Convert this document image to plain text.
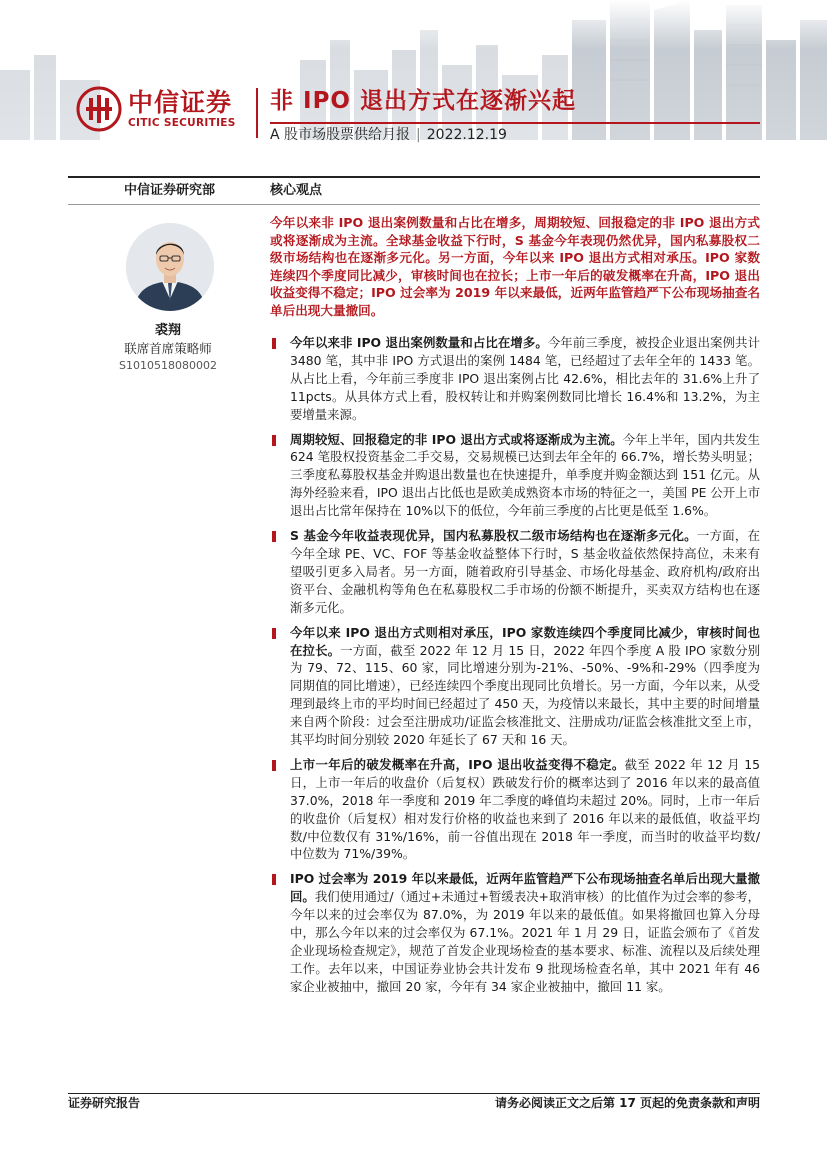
中信证券
CITIC SECURITIES
非 IPO 退出方式在逐渐兴起
A 股市场股票供给月报 | 2022.12.19
中信证券研究部	核心观点
裘翔
联席首席策略师
S1010518080002
今年以来非 IPO 退出案例数量和占比在增多，周期较短、回报稳定的非 IPO 退出方式或将逐渐成为主流。全球基金收益下行时，S 基金今年表现仍然优异，国内私募股权二级市场结构也在逐渐多元化。另一方面，今年以来 IPO 退出方式相对承压。IPO 家数连续四个季度同比减少，审核时间也在拉长；上市一年后的破发概率在升高，IPO 退出收益变得不稳定；IPO 过会率为 2019 年以来最低，近两年监管趋严下公布现场抽查名单后出现大量撤回。
今年以来非 IPO 退出案例数量和占比在增多。今年前三季度，被投企业退出案例共计 3480 笔，其中非 IPO 方式退出的案例 1484 笔，已经超过了去年全年的 1433 笔。从占比上看，今年前三季度非 IPO 退出案例占比 42.6%，相比去年的 31.6%上升了 11pcts。从具体方式上看，股权转让和并购案例数同比增长 16.4%和 13.2%，为主要增量来源。
周期较短、回报稳定的非 IPO 退出方式或将逐渐成为主流。今年上半年，国内共发生 624 笔股权投资基金二手交易，交易规模已达到去年全年的 66.7%，增长势头明显；三季度私募股权基金并购退出数量也在快速提升，单季度并购金额达到 151 亿元。从海外经验来看，IPO 退出占比低也是欧美成熟资本市场的特征之一，美国 PE 公开上市退出占比常年保持在 10%以下的低位，今年前三季度的占比更是低至 1.6%。
S 基金今年收益表现优异，国内私募股权二级市场结构也在逐渐多元化。一方面，在今年全球 PE、VC、FOF 等基金收益整体下行时，S 基金收益依然保持高位，未来有望吸引更多入局者。另一方面，随着政府引导基金、市场化母基金、政府机构/政府出资平台、金融机构等角色在私募股权二手市场的份额不断提升，买卖双方结构也在逐渐多元化。
今年以来 IPO 退出方式则相对承压，IPO 家数连续四个季度同比减少，审核时间也在拉长。一方面，截至 2022 年 12 月 15 日，2022 年四个季度 A 股 IPO 家数分别为 79、72、115、60 家，同比增速分别为-21%、-50%、-9%和-29%（四季度为同期值的同比增速），已经连续四个季度出现同比负增长。另一方面，今年以来，从受理到最终上市的平均时间已经超过了 450 天，为疫情以来最长，其中主要的时间增量来自两个阶段：过会至注册成功/证监会核准批文、注册成功/证监会核准批文至上市，其平均时间分别较 2020 年延长了 67 天和 16 天。
上市一年后的破发概率在升高，IPO 退出收益变得不稳定。截至 2022 年 12 月 15 日，上市一年后的收盘价（后复权）跌破发行价的概率达到了 2016 年以来的最高值 37.0%，2018 年一季度和 2019 年二季度的峰值均未超过 20%。同时，上市一年后的收盘价（后复权）相对发行价格的收益也来到了 2016 年以来的最低值，收益平均数/中位数仅有 31%/16%，前一谷值出现在 2018 年一季度，而当时的收益平均数/中位数为 71%/39%。
IPO 过会率为 2019 年以来最低，近两年监管趋严下公布现场抽查名单后出现大量撤回。我们使用通过/（通过+未通过+暂缓表决+取消审核）的比值作为过会率的参考，今年以来的过会率仅为 87.0%，为 2019 年以来的最低值。如果将撤回也算入分母中，那么今年以来的过会率仅为 67.1%。2021 年 1 月 29 日，证监会颁布了《首发企业现场检查规定》，规范了首发企业现场检查的基本要求、标准、流程以及后续处理工作。去年以来，中国证券业协会共计发布 9 批现场检查名单，其中 2021 年有 46 家企业被抽中，撤回 20 家，今年有 34 家企业被抽中，撤回 11 家。
证券研究报告	请务必阅读正文之后第 17 页起的免责条款和声明
